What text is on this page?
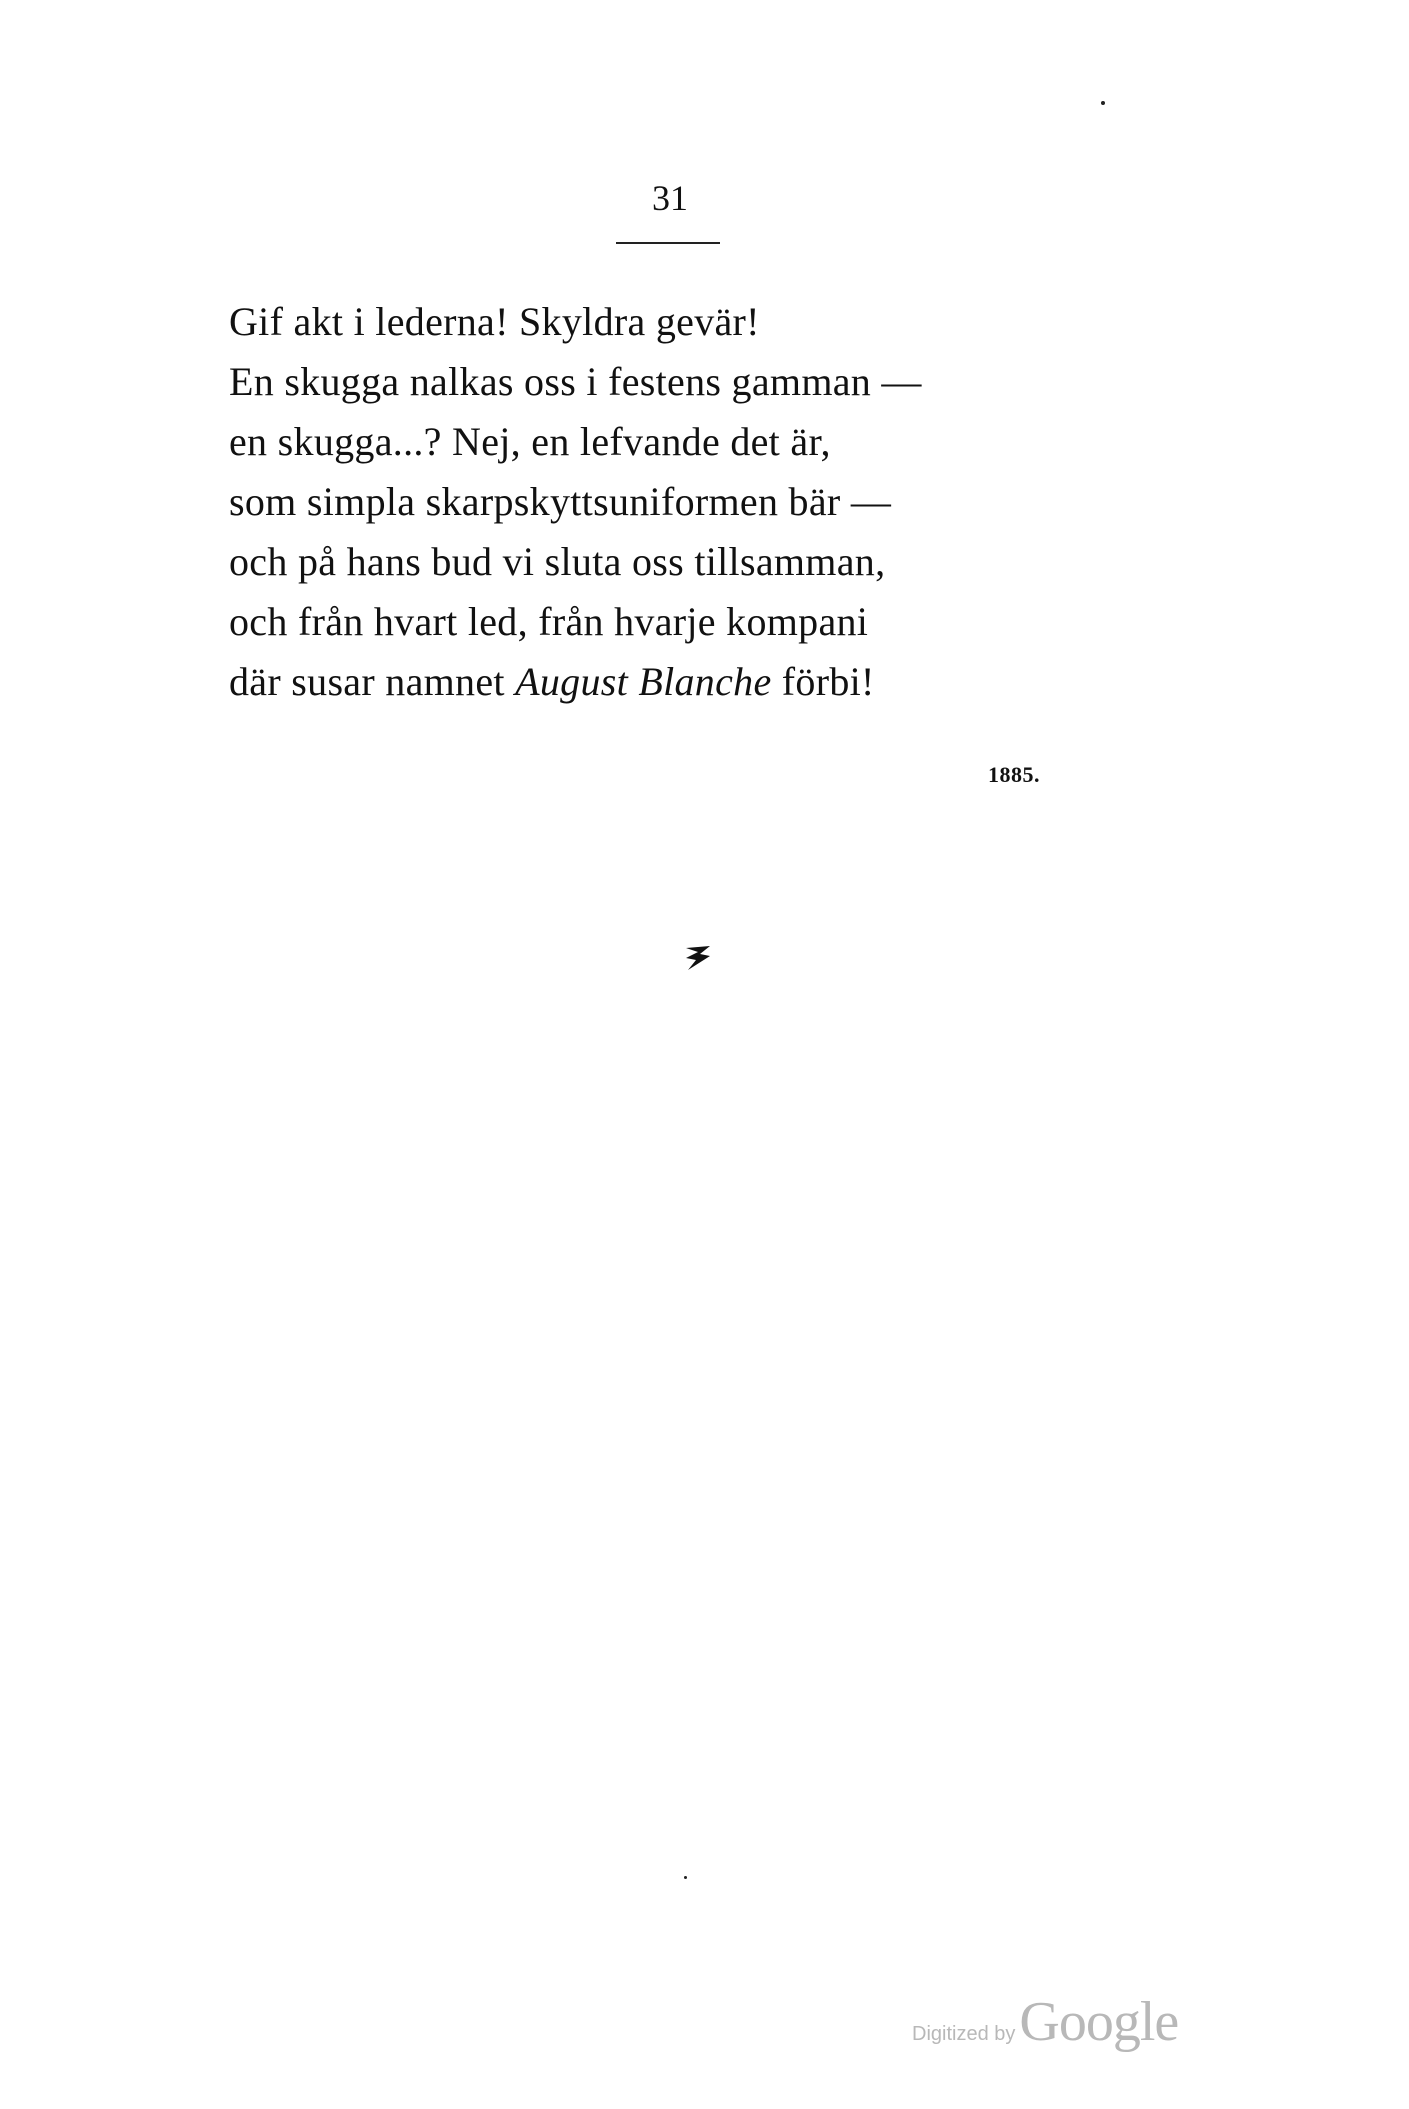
31
Gif akt i lederna! Skyldra gevär!
En skugga nalkas oss i festens gamman —
en skugga...? Nej, en lefvande det är,
som simpla skarpskyttsuniformen bär —
och på hans bud vi sluta oss tillsamman,
och från hvart led, från hvarje kompani
där susar namnet August Blanche förbi!
1885.
Digitized by Google
